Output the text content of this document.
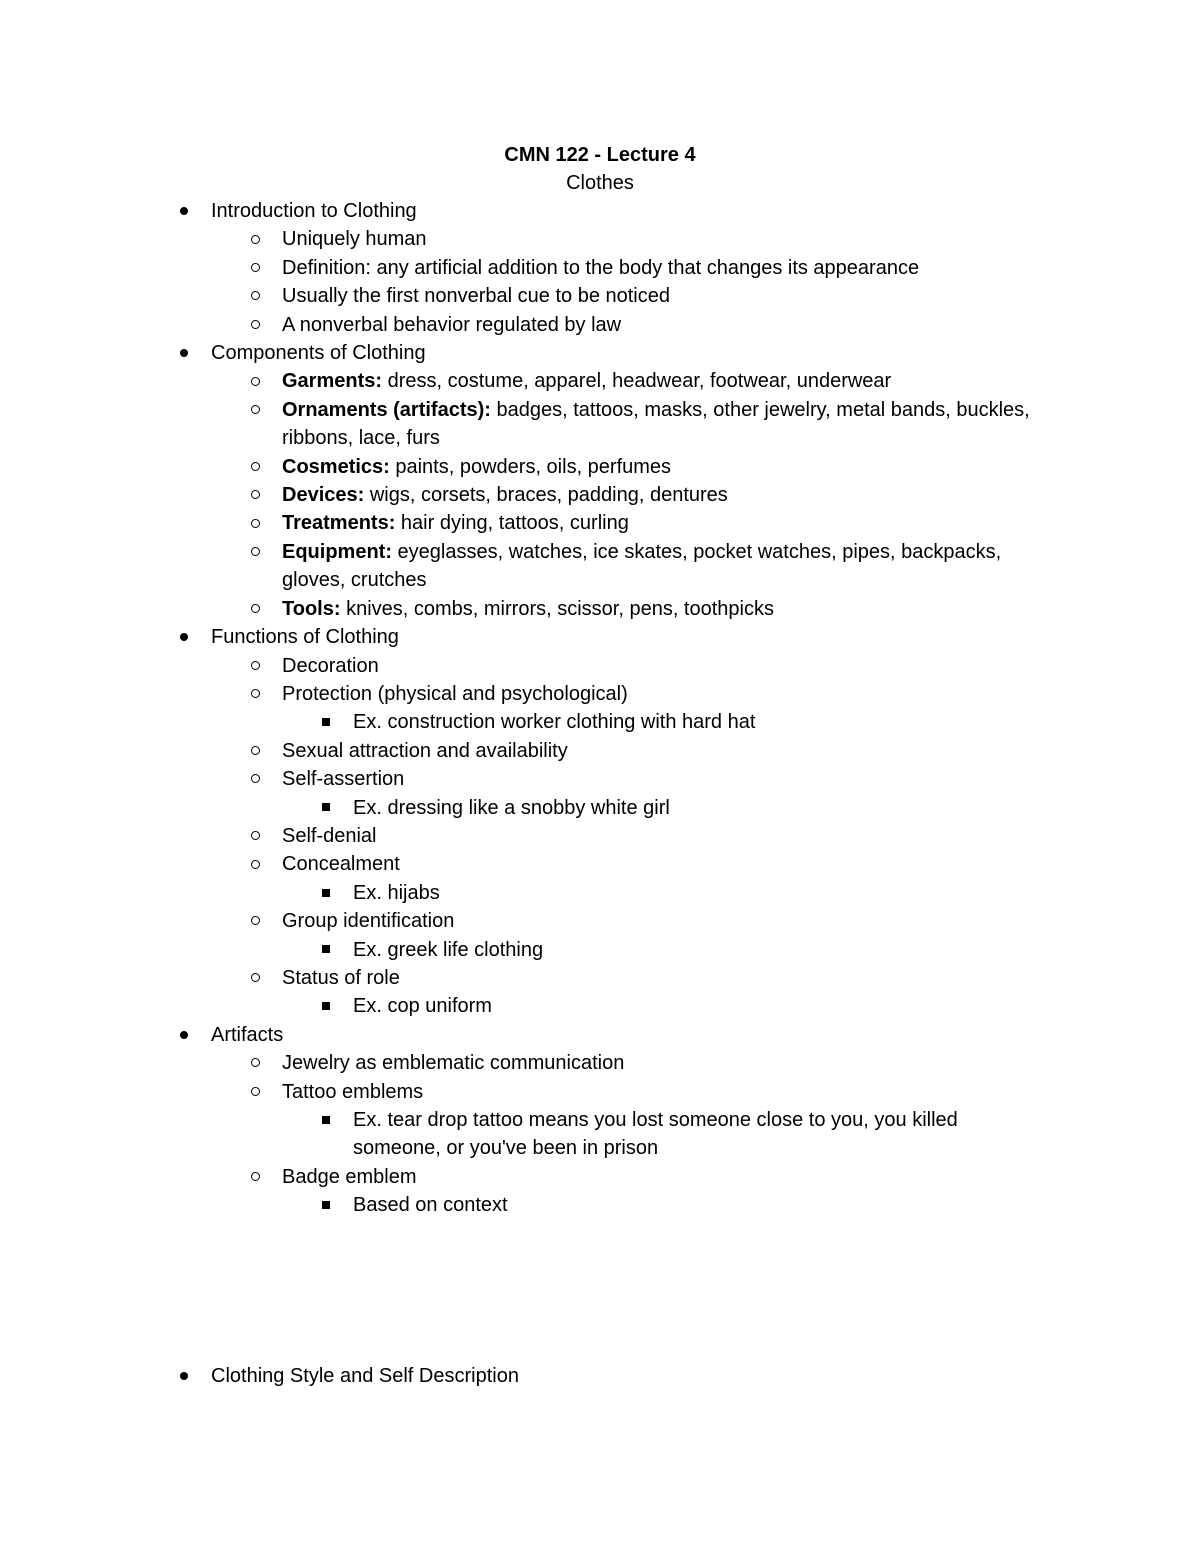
CMN 122 - Lecture 4
Clothes
Introduction to Clothing
Uniquely human
Definition: any artificial addition to the body that changes its appearance
Usually the first nonverbal cue to be noticed
A nonverbal behavior regulated by law
Components of Clothing
Garments: dress, costume, apparel, headwear, footwear, underwear
Ornaments (artifacts): badges, tattoos, masks, other jewelry, metal bands, buckles, ribbons, lace, furs
Cosmetics: paints, powders, oils, perfumes
Devices: wigs, corsets, braces, padding, dentures
Treatments: hair dying, tattoos, curling
Equipment: eyeglasses, watches, ice skates, pocket watches, pipes, backpacks, gloves, crutches
Tools: knives, combs, mirrors, scissor, pens, toothpicks
Functions of Clothing
Decoration
Protection (physical and psychological)
Ex. construction worker clothing with hard hat
Sexual attraction and availability
Self-assertion
Ex. dressing like a snobby white girl
Self-denial
Concealment
Ex. hijabs
Group identification
Ex. greek life clothing
Status of role
Ex. cop uniform
Artifacts
Jewelry as emblematic communication
Tattoo emblems
Ex. tear drop tattoo means you lost someone close to you, you killed someone, or you've been in prison
Badge emblem
Based on context
Clothing Style and Self Description
